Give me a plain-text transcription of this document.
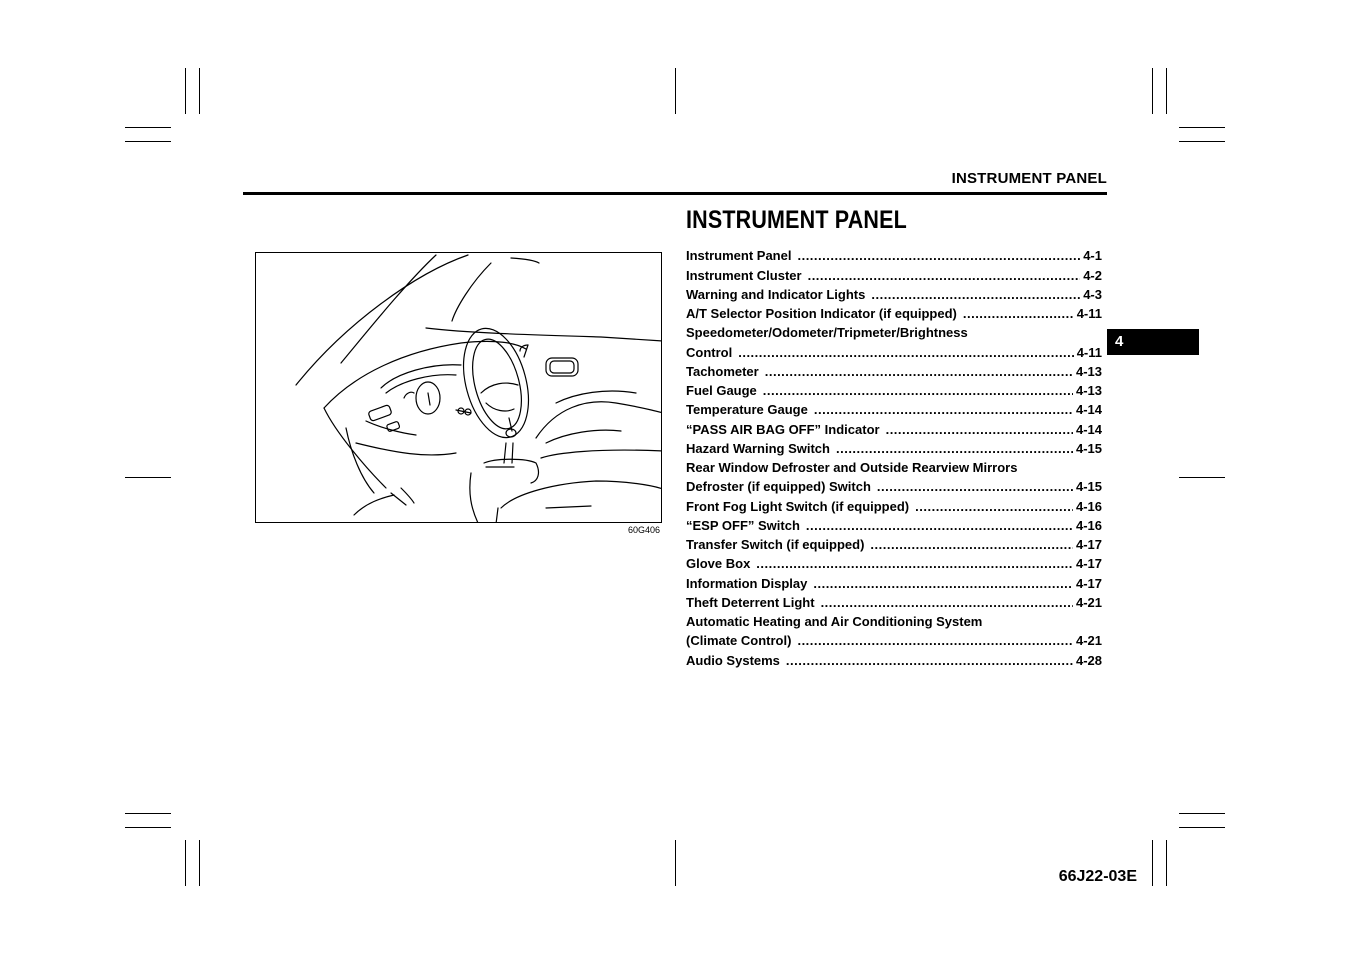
INSTRUMENT PANEL
INSTRUMENT PANEL
60G406
Instrument Panel .....	4-1
Instrument Cluster .....	4-2
Warning and Indicator Lights .....	4-3
A/T Selector Position Indicator (if equipped) .....	4-11
Speedometer/Odometer/Tripmeter/Brightness
Control .....	4-11
Tachometer .....	4-13
Fuel Gauge .....	4-13
Temperature Gauge .....	4-14
“PASS AIR BAG OFF” Indicator .....	4-14
Hazard Warning Switch .....	4-15
Rear Window Defroster and Outside Rearview Mirrors
Defroster (if equipped) Switch .....	4-15
Front Fog Light Switch (if equipped) .....	4-16
“ESP OFF” Switch .....	4-16
Transfer Switch (if equipped) .....	4-17
Glove Box .....	4-17
Information Display .....	4-17
Theft Deterrent Light .....	4-21
Automatic Heating and Air Conditioning System
(Climate Control) .....	4-21
Audio Systems .....	4-28
4
66J22-03E
